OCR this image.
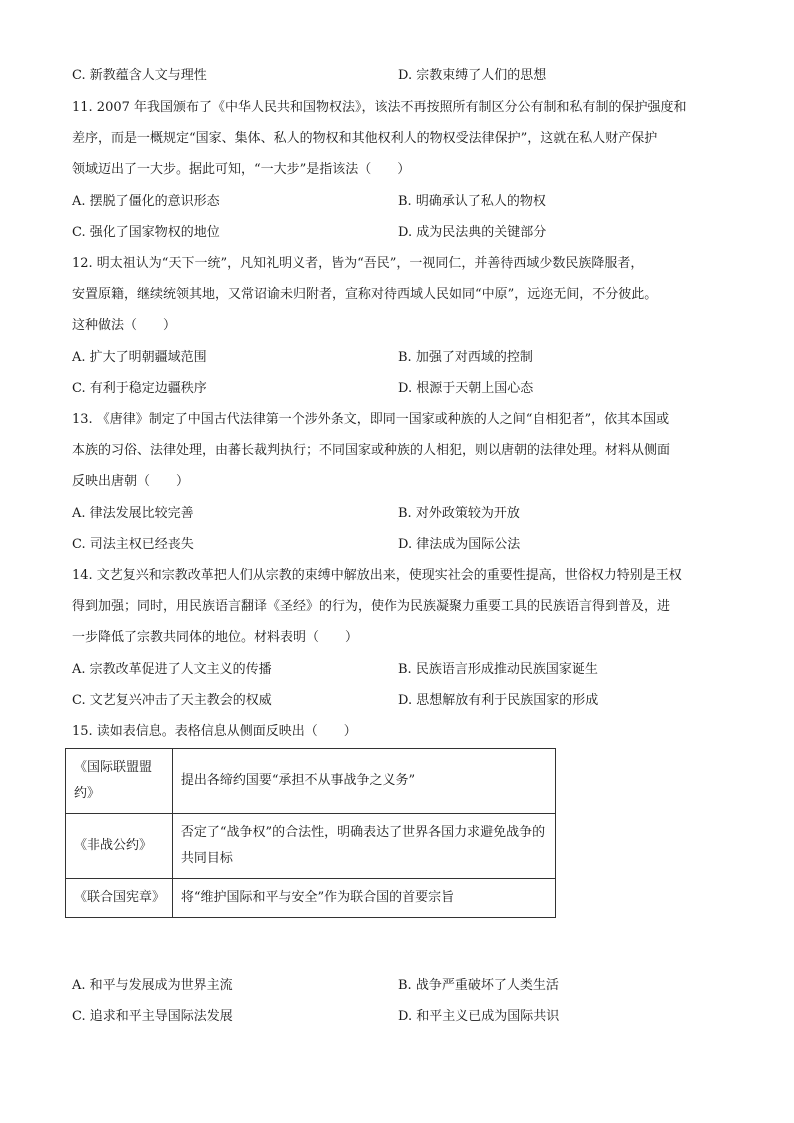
C. 新教蕴含人文与理性	D. 宗教束缚了人们的思想
11. 2007 年我国颁布了《中华人民共和国物权法》，该法不再按照所有制区分公有制和私有制的保护强度和
差序，而是一概规定“国家、集体、私人的物权和其他权利人的物权受法律保护”，这就在私人财产保护
领域迈出了一大步。据此可知，“一大步”是指该法（　　）
A. 摆脱了僵化的意识形态	B. 明确承认了私人的物权
C. 强化了国家物权的地位	D. 成为民法典的关键部分
12. 明太祖认为“天下一统”，凡知礼明义者，皆为“吾民”，一视同仁，并善待西域少数民族降服者，
安置原籍，继续统领其地，又常诏谕未归附者，宣称对待西域人民如同“中原”，远迩无间，不分彼此。
这种做法（　　）
A. 扩大了明朝疆域范围	B. 加强了对西域的控制
C. 有利于稳定边疆秩序	D. 根源于天朝上国心态
13. 《唐律》制定了中国古代法律第一个涉外条文，即同一国家或种族的人之间“自相犯者”，依其本国或
本族的习俗、法律处理，由蕃长裁判执行；不同国家或种族的人相犯，则以唐朝的法律处理。材料从侧面
反映出唐朝（　　）
A. 律法发展比较完善	B. 对外政策较为开放
C. 司法主权已经丧失	D. 律法成为国际公法
14. 文艺复兴和宗教改革把人们从宗教的束缚中解放出来，使现实社会的重要性提高，世俗权力特别是王权
得到加强；同时，用民族语言翻译《圣经》的行为，使作为民族凝聚力重要工具的民族语言得到普及，进
一步降低了宗教共同体的地位。材料表明（　　）
A. 宗教改革促进了人文主义的传播	B. 民族语言形成推动民族国家诞生
C. 文艺复兴冲击了天主教会的权威	D. 思想解放有利于民族国家的形成
15. 读如表信息。表格信息从侧面反映出（　　）
《国际联盟盟约》	提出各缔约国要“承担不从事战争之义务”
《非战公约》	否定了“战争权”的合法性，明确表达了世界各国力求避免战争的共同目标
《联合国宪章》	将“维护国际和平与安全”作为联合国的首要宗旨
A. 和平与发展成为世界主流	B. 战争严重破坏了人类生活
C. 追求和平主导国际法发展	D. 和平主义已成为国际共识
